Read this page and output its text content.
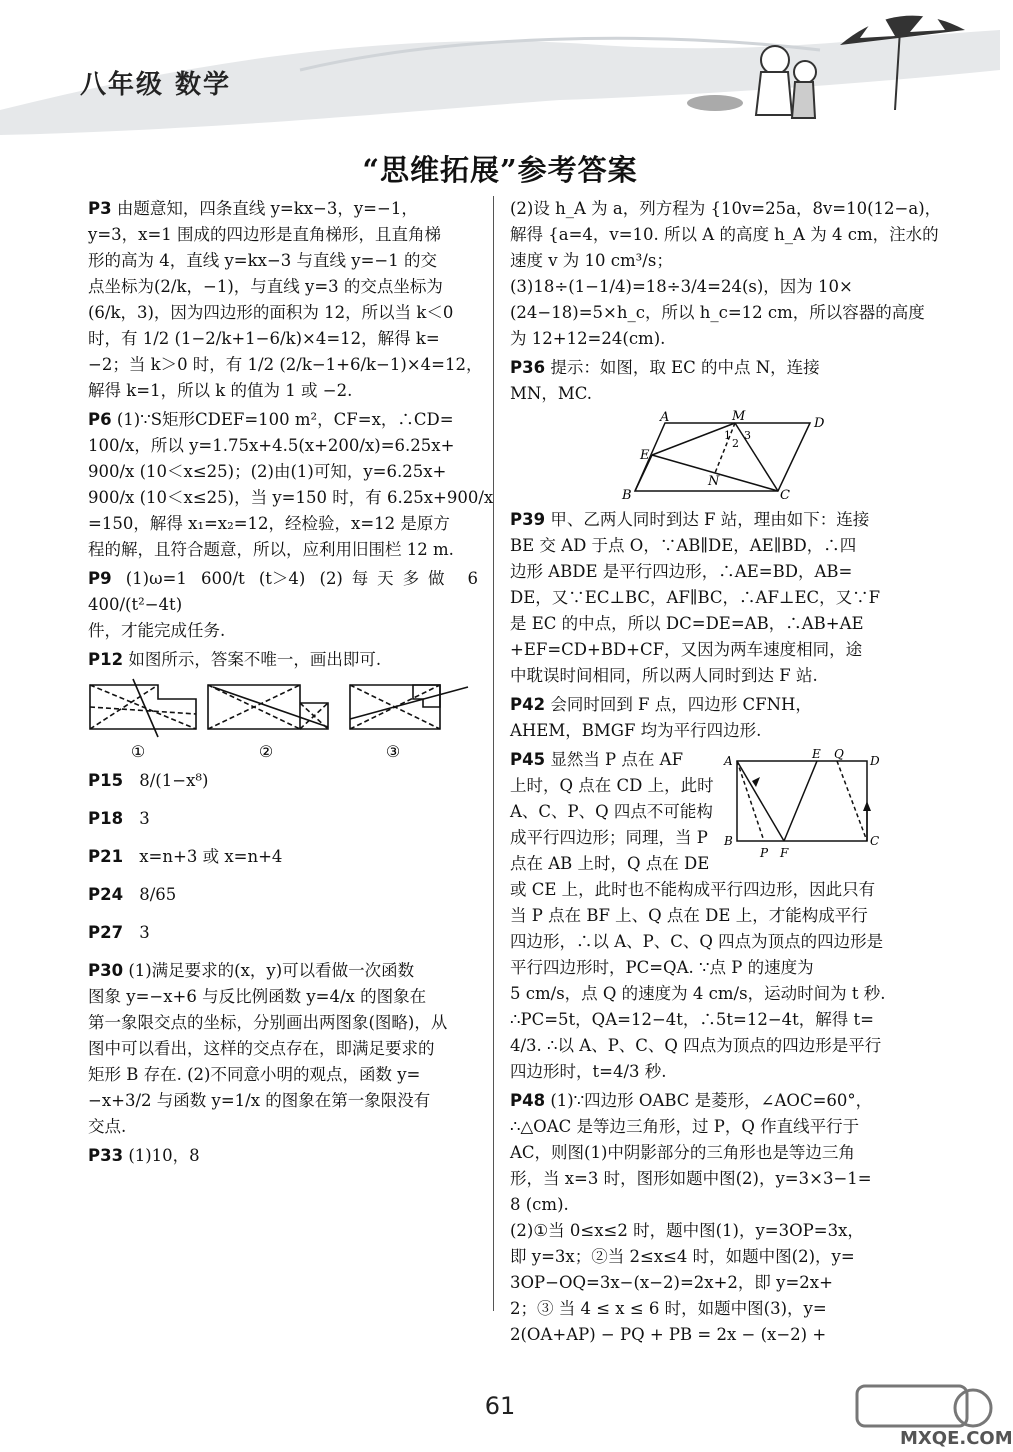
八年级 数学
“思维拓展”参考答案
P3 由题意知，四条直线 y=kx−3，y=−1，
y=3，x=1 围成的四边形是直角梯形，且直角梯
形的高为 4，直线 y=kx−3 与直线 y=−1 的交
点坐标为(2/k，−1)，与直线 y=3 的交点坐标为
(6/k，3)，因为四边形的面积为 12，所以当 k＜0
时，有 1/2 (1−2/k+1−6/k)×4=12，解得 k=
−2；当 k＞0 时，有 1/2 (2/k−1+6/k−1)×4=12，
解得 k=1，所以 k 的值为 1 或 −2.
P6 (1)∵S矩形CDEF=100 m²，CF=x，∴CD=
100/x，所以 y=1.75x+4.5(x+200/x)=6.25x+
900/x (10＜x≤25)；(2)由(1)可知，y=6.25x+
900/x (10＜x≤25)，当 y=150 时，有 6.25x+900/x
=150，解得 x₁=x₂=12，经检验，x=12 是原方
程的解，且符合题意，所以，应利用旧围栏 12 m.
P9 (1)ω=1 600/t (t＞4) (2)每天多做 6 400/(t²−4t)
件，才能完成任务.
P12 如图所示，答案不唯一，画出即可.
①	②	③
P15 8/(1−x⁸)
P18 3
P21 x=n+3 或 x=n+4
P24 8/65
P27 3
P30 (1)满足要求的(x，y)可以看做一次函数
图象 y=−x+6 与反比例函数 y=4/x 的图象在
第一象限交点的坐标，分别画出两图象(图略)，从
图中可以看出，这样的交点存在，即满足要求的
矩形 B 存在. (2)不同意小明的观点，函数 y=
−x+3/2 与函数 y=1/x 的图象在第一象限没有
交点.
P33 (1)10，8
(2)设 h_A 为 a，列方程为 {10v=25a，8v=10(12−a)，
解得 {a=4，v=10. 所以 A 的高度 h_A 为 4 cm，注水的
速度 v 为 10 cm³/s；
(3)18÷(1−1/4)=18÷3/4=24(s)，因为 10×
(24−18)=5×h_c，所以 h_c=12 cm，所以容器的高度
为 12+12=24(cm).
P36 提示：如图，取 EC 的中点 N，连接
MN，MC.
A	M	D
E
1
2
3
N
B	C
P39 甲、乙两人同时到达 F 站，理由如下：连接
BE 交 AD 于点 O，∵AB∥DE，AE∥BD，∴四
边形 ABDE 是平行四边形，∴AE=BD，AB=
DE，又∵EC⊥BC，AF∥BC，∴AF⊥EC，又∵F
是 EC 的中点，所以 DC=DE=AB，∴AB+AE
+EF=CD+BD+CF，又因为两车速度相同，途
中耽误时间相同，所以两人同时到达 F 站.
P42 会同时回到 F 点，四边形 CFNH，
AHEM，BMGF 均为平行四边形.
A	E Q D
B
P F
C
P45 显然当 P 点在 AF
上时，Q 点在 CD 上，此时
A、C、P、Q 四点不可能构
成平行四边形；同理，当 P
点在 AB 上时，Q 点在 DE
或 CE 上，此时也不能构成平行四边形，因此只有
当 P 点在 BF 上、Q 点在 DE 上，才能构成平行
四边形，∴以 A、P、C、Q 四点为顶点的四边形是
平行四边形时，PC=QA. ∵点 P 的速度为
5 cm/s，点 Q 的速度为 4 cm/s，运动时间为 t 秒.
∴PC=5t，QA=12−4t，∴5t=12−4t，解得 t=
4/3. ∴以 A、P、C、Q 四点为顶点的四边形是平行
四边形时，t=4/3 秒.
P48 (1)∵四边形 OABC 是菱形，∠AOC=60°，
∴△OAC 是等边三角形，过 P，Q 作直线平行于
AC，则图(1)中阴影部分的三角形也是等边三角
形，当 x=3 时，图形如题中图(2)，y=3×3−1=
8 (cm).
(2)①当 0≤x≤2 时，题中图(1)，y=3OP=3x，
即 y=3x；②当 2≤x≤4 时，如题中图(2)，y=
3OP−OQ=3x−(x−2)=2x+2，即 y=2x+
2；③ 当 4 ≤ x ≤ 6 时，如题中图(3)，y=
2(OA+AP) − PQ + PB = 2x − (x−2) +
61
MXQE.COM
